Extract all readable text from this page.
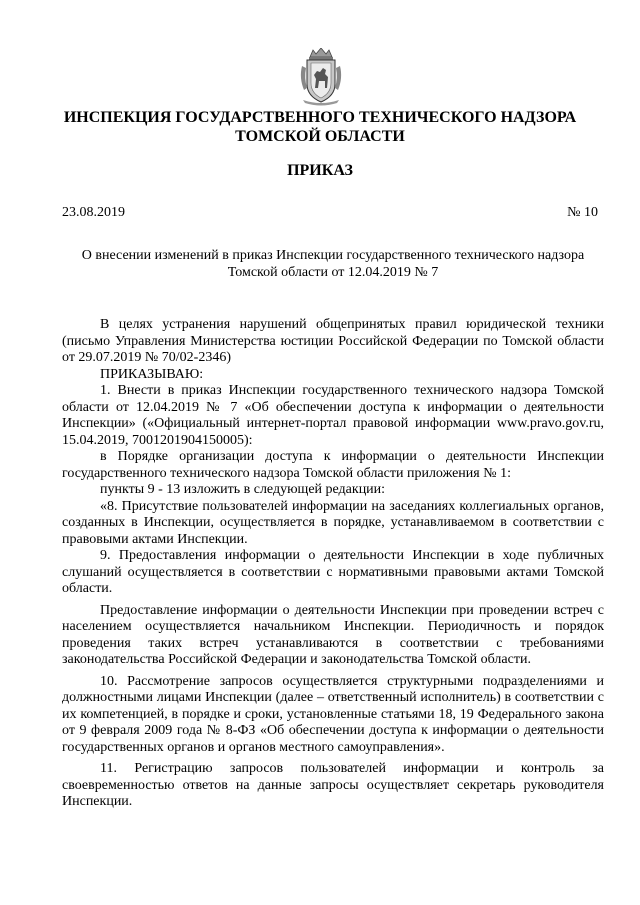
ИНСПЕКЦИЯ ГОСУДАРСТВЕННОГО ТЕХНИЧЕСКОГО НАДЗОРА
ТОМСКОЙ ОБЛАСТИ
ПРИКАЗ
23.08.2019	№ 10

О внесении изменений в приказ Инспекции государственного технического надзора
Томской области от 12.04.2019 № 7

В целях устранения нарушений общепринятых правил юридической техники (письмо Управления Министерства юстиции Российской Федерации по Томской области от 29.07.2019 № 70/02-2346)

ПРИКАЗЫВАЮ:

1. Внести в приказ Инспекции государственного технического надзора Томской области от 12.04.2019 № 7 «Об обеспечении доступа к информации о деятельности Инспекции» («Официальный интернет-портал правовой информации www.pravo.gov.ru, 15.04.2019, 7001201904150005):

в Порядке организации доступа к информации о деятельности Инспекции государственного технического надзора Томской области приложения № 1:

пункты 9 - 13 изложить в следующей редакции:

«8. Присутствие пользователей информации на заседаниях коллегиальных органов, созданных в Инспекции, осуществляется в порядке, устанавливаемом в соответствии с правовыми актами Инспекции.

9. Предоставления информации о деятельности Инспекции в ходе публичных слушаний осуществляется в соответствии с нормативными правовыми актами Томской области.

Предоставление информации о деятельности Инспекции при проведении встреч с населением осуществляется начальником Инспекции. Периодичность и порядок проведения таких встреч устанавливаются в соответствии с требованиями законодательства Российской Федерации и законодательства Томской области.

10. Рассмотрение запросов осуществляется структурными подразделениями и должностными лицами Инспекции (далее – ответственный исполнитель) в соответствии с их компетенцией, в порядке и сроки, установленные статьями 18, 19 Федерального закона от 9 февраля 2009 года № 8-ФЗ «Об обеспечении доступа к информации о деятельности государственных органов и органов местного самоуправления».

11. Регистрацию запросов пользователей информации и контроль за своевременностью ответов на данные запросы осуществляет секретарь руководителя Инспекции.
